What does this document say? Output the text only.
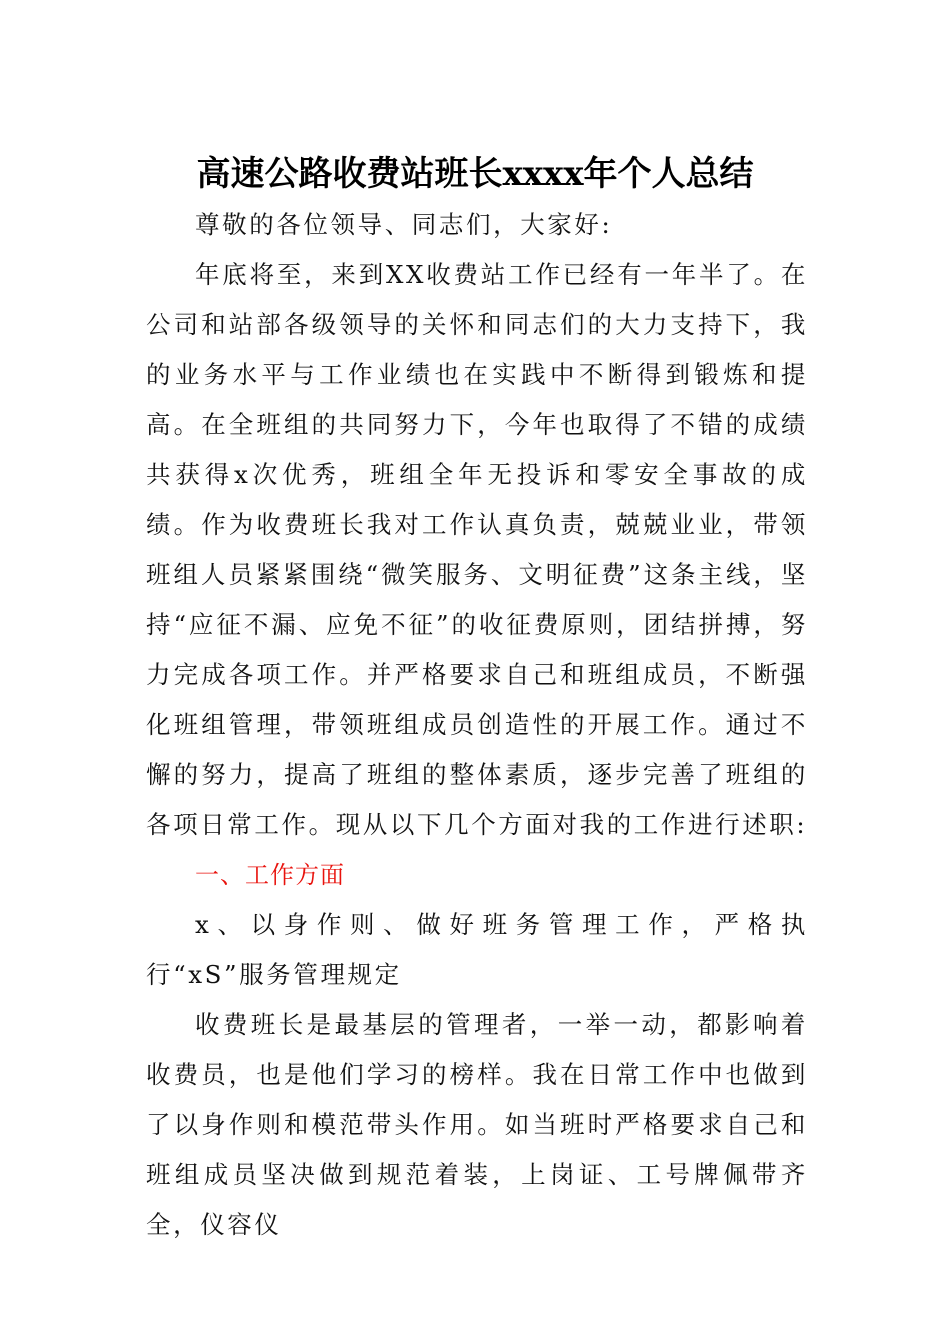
高速公路收费站班长xxxx年个人总结

尊敬的各位领导、同志们，大家好:

年底将至，来到XX收费站工作已经有一年半了。在公司和站部各级领导的关怀和同志们的大力支持下，我的业务水平与工作业绩也在实践中不断得到锻炼和提高。在全班组的共同努力下，今年也取得了不错的成绩共获得x次优秀，班组全年无投诉和零安全事故的成绩。作为收费班长我对工作认真负责，兢兢业业，带领班组人员紧紧围绕“微笑服务、文明征费”这条主线，坚持“应征不漏、应免不征”的收征费原则，团结拼搏，努力完成各项工作。并严格要求自己和班组成员，不断强化班组管理，带领班组成员创造性的开展工作。通过不懈的努力，提高了班组的整体素质，逐步完善了班组的各项日常工作。现从以下几个方面对我的工作进行述职:

一、工作方面

x、以身作则、做好班务管理工作，严格执行“xS”服务管理规定

收费班长是最基层的管理者，一举一动，都影响着收费员，也是他们学习的榜样。我在日常工作中也做到了以身作则和模范带头作用。如当班时严格要求自己和班组成员坚决做到规范着装，上岗证、工号牌佩带齐全，仪容仪
